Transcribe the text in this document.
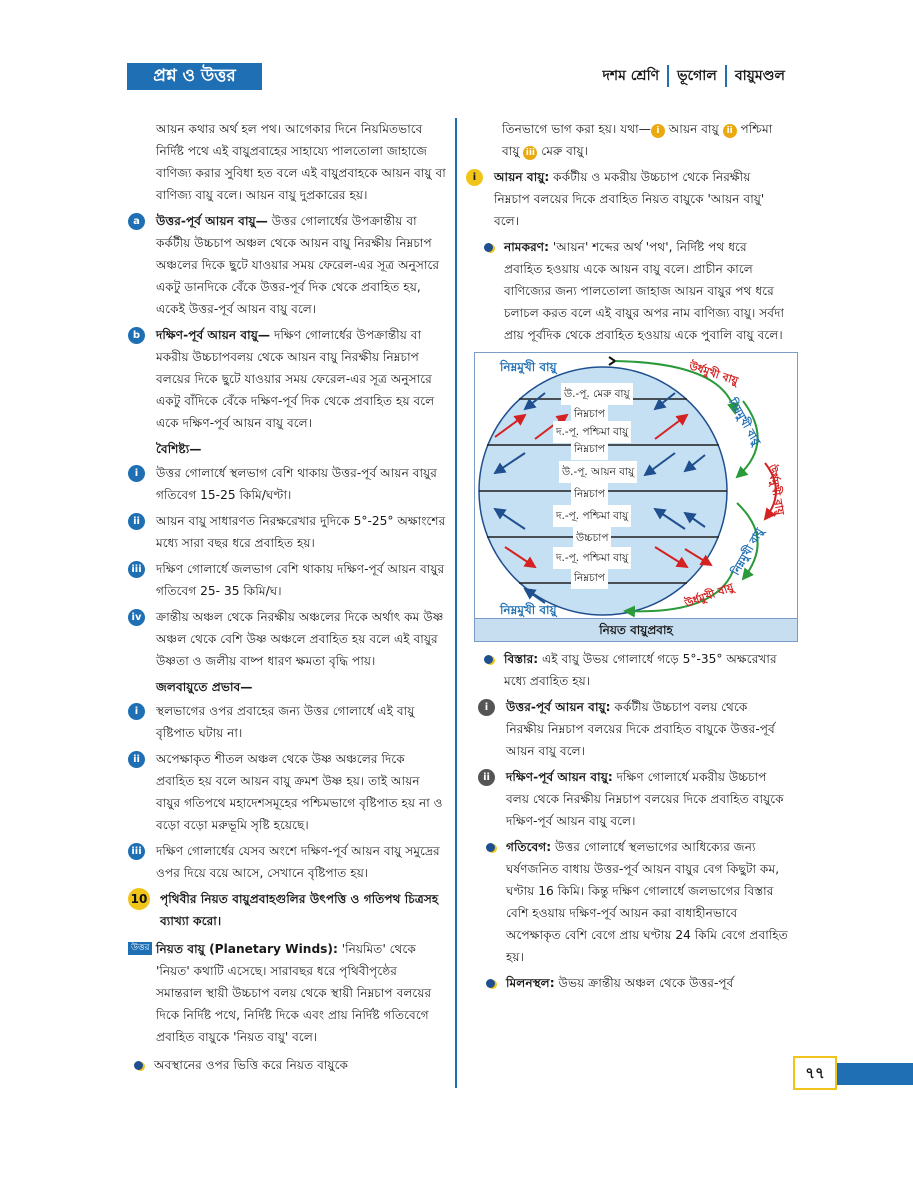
প্রশ্ন ও উত্তর	দশম শ্রেণি ভূগোল বায়ুমণ্ডল

আয়ন কথার অর্থ হল পথ। আগেকার দিনে নিয়মিতভাবে নির্দিষ্ট পথে এই বায়ুপ্রবাহের সাহায্যে পালতোলা জাহাজে বাণিজ্য করার সুবিধা হত বলে এই বায়ুপ্রবাহকে আয়ন বায়ু বা বাণিজ্য বায়ু বলে। আয়ন বায়ু দুপ্রকারের হয়।

a	উত্তর-পূর্ব আয়ন বায়ু— উত্তর গোলার্ধের উপক্রান্তীয় বা কর্কটীয় উচ্চচাপ অঞ্চল থেকে আয়ন বায়ু নিরক্ষীয় নিম্নচাপ অঞ্চলের দিকে ছুটে যাওয়ার সময় ফেরেল-এর সূত্র অনুসারে একটু ডানদিকে বেঁকে উত্তর-পূর্ব দিক থেকে প্রবাহিত হয়, একেই উত্তর-পূর্ব আয়ন বায়ু বলে।
b	দক্ষিণ-পূর্ব আয়ন বায়ু— দক্ষিণ গোলার্ধের উপক্রান্তীয় বা মকরীয় উচ্চচাপবলয় থেকে আয়ন বায়ু নিরক্ষীয় নিম্নচাপ বলয়ের দিকে ছুটে যাওয়ার সময় ফেরেল-এর সূত্র অনুসারে একটু বাঁদিকে বেঁকে দক্ষিণ-পূর্ব দিক থেকে প্রবাহিত হয় বলে একে দক্ষিণ-পূর্ব আয়ন বায়ু বলে।
বৈশিষ্ট্য—
i	উত্তর গোলার্ধে স্থলভাগ বেশি থাকায় উত্তর-পূর্ব আয়ন বায়ুর গতিবেগ 15-25 কিমি/ঘণ্টা।
ii	আয়ন বায়ু সাধারণত নিরক্ষরেখার দুদিকে 5°-25° অক্ষাংশের মধ্যে সারা বছর ধরে প্রবাহিত হয়।
iii দক্ষিণ গোলার্ধে জলভাগ বেশি থাকায় দক্ষিণ-পূর্ব আয়ন বায়ুর গতিবেগ 25- 35 কিমি/ঘ।
iv ক্রান্তীয় অঞ্চল থেকে নিরক্ষীয় অঞ্চলের দিকে অর্থাৎ কম উষ্ণ অঞ্চল থেকে বেশি উষ্ণ অঞ্চলে প্রবাহিত হয় বলে এই বায়ুর উষ্ণতা ও জলীয় বাষ্প ধারণ ক্ষমতা বৃদ্ধি পায়।
জলবায়ুতে প্রভাব—
i	স্থলভাগের ওপর প্রবাহের জন্য উত্তর গোলার্ধে এই বায়ু বৃষ্টিপাত ঘটায় না।
ii	অপেক্ষাকৃত শীতল অঞ্চল থেকে উষ্ণ অঞ্চলের দিকে প্রবাহিত হয় বলে আয়ন বায়ু ক্রমশ উষ্ণ হয়। তাই আয়ন বায়ুর গতিপথে মহাদেশসমূহের পশ্চিমভাগে বৃষ্টিপাত হয় না ও বড়ো বড়ো মরুভূমি সৃষ্টি হয়েছে।
iii দক্ষিণ গোলার্ধের যেসব অংশে দক্ষিণ-পূর্ব আয়ন বায়ু সমুদ্রের ওপর দিয়ে বয়ে আসে, সেখানে বৃষ্টিপাত হয়।
10 পৃথিবীর নিয়ত বায়ুপ্রবাহগুলির উৎপত্তি ও গতিপথ চিত্রসহ ব্যাখ্যা করো।
উত্তর নিয়ত বায়ু (Planetary Winds): 'নিয়মিত' থেকে 'নিয়ত' কথাটি এসেছে। সারাবছর ধরে পৃথিবীপৃষ্ঠের সমান্তরাল স্থায়ী উচ্চচাপ বলয় থেকে স্থায়ী নিম্নচাপ বলয়ের দিকে নির্দিষ্ট পথে, নির্দিষ্ট দিকে এবং প্রায় নির্দিষ্ট গতিবেগে প্রবাহিত বায়ুকে 'নিয়ত বায়ু' বলে।
অবস্থানের ওপর ভিত্তি করে নিয়ত বায়ুকে

তিনভাগে ভাগ করা হয়। যথা— i আয়ন বায়ু ii পশ্চিমা বায়ু iii মেরু বায়ু।

i	আয়ন বায়ু: কর্কটীয় ও মকরীয় উচ্চচাপ থেকে নিরক্ষীয় নিম্নচাপ বলয়ের দিকে প্রবাহিত নিয়ত বায়ুকে 'আয়ন বায়ু' বলে।
নামকরণ: 'আয়ন' শব্দের অর্থ 'পথ', নির্দিষ্ট পথ ধরে প্রবাহিত হওয়ায় একে আয়ন বায়ু বলে। প্রাচীন কালে বাণিজ্যের জন্য পালতোলা জাহাজ আয়ন বায়ুর পথ ধরে চলাচল করত বলে এই বায়ুর অপর নাম বাণিজ্য বায়ু। সর্বদা প্রায় পূর্বদিক থেকে প্রবাহিত হওয়ায় একে পুবালি বায়ু বলে।
নিম্নমুখী বায়ু
নিম্নমুখী বায়ু
উ.-পূ. মেরু বায়ু
নিম্নচাপ
দ.-পূ. পশ্চিমা বায়ু
নিম্নচাপ
উ.-পূ. আয়ন বায়ু
নিম্নচাপ
দ.-পূ. পশ্চিমা বায়ু
উচ্চচাপ
দ.-পূ. পশ্চিমা বায়ু
নিম্নচাপ
উর্ধমুখী বায়ু
নিম্নমুখী বায়ু
উর্ধমুখী বায়ু
নিম্নমুখী বায়ু
উর্ধমুখী বায়ু
নিয়ত বায়ুপ্রবাহ
বিস্তার: এই বায়ু উভয় গোলার্ধে গড়ে 5°-35° অক্ষরেখার মধ্যে প্রবাহিত হয়।
i	উত্তর-পূর্ব আয়ন বায়ু: কর্কটীয় উচ্চচাপ বলয় থেকে নিরক্ষীয় নিম্নচাপ বলয়ের দিকে প্রবাহিত বায়ুকে উত্তর-পূর্ব আয়ন বায়ু বলে।
ii	দক্ষিণ-পূর্ব আয়ন বায়ু: দক্ষিণ গোলার্ধে মকরীয় উচ্চচাপ বলয় থেকে নিরক্ষীয় নিম্নচাপ বলয়ের দিকে প্রবাহিত বায়ুকে দক্ষিণ-পূর্ব আয়ন বায়ু বলে।
গতিবেগ: উত্তর গোলার্ধে স্থলভাগের আধিক্যের জন্য ঘর্ষণজনিত বাধায় উত্তর-পূর্ব আয়ন বায়ুর বেগ কিছুটা কম, ঘণ্টায় 16 কিমি। কিন্তু দক্ষিণ গোলার্ধে জলভাগের বিস্তার বেশি হওয়ায় দক্ষিণ-পূর্ব আয়ন করা বাধাহীনভাবে অপেক্ষাকৃত বেশি বেগে প্রায় ঘণ্টায় 24 কিমি বেগে প্রবাহিত হয়।
মিলনস্থল: উভয় ক্রান্তীয় অঞ্চল থেকে উত্তর-পূর্ব
৭৭
